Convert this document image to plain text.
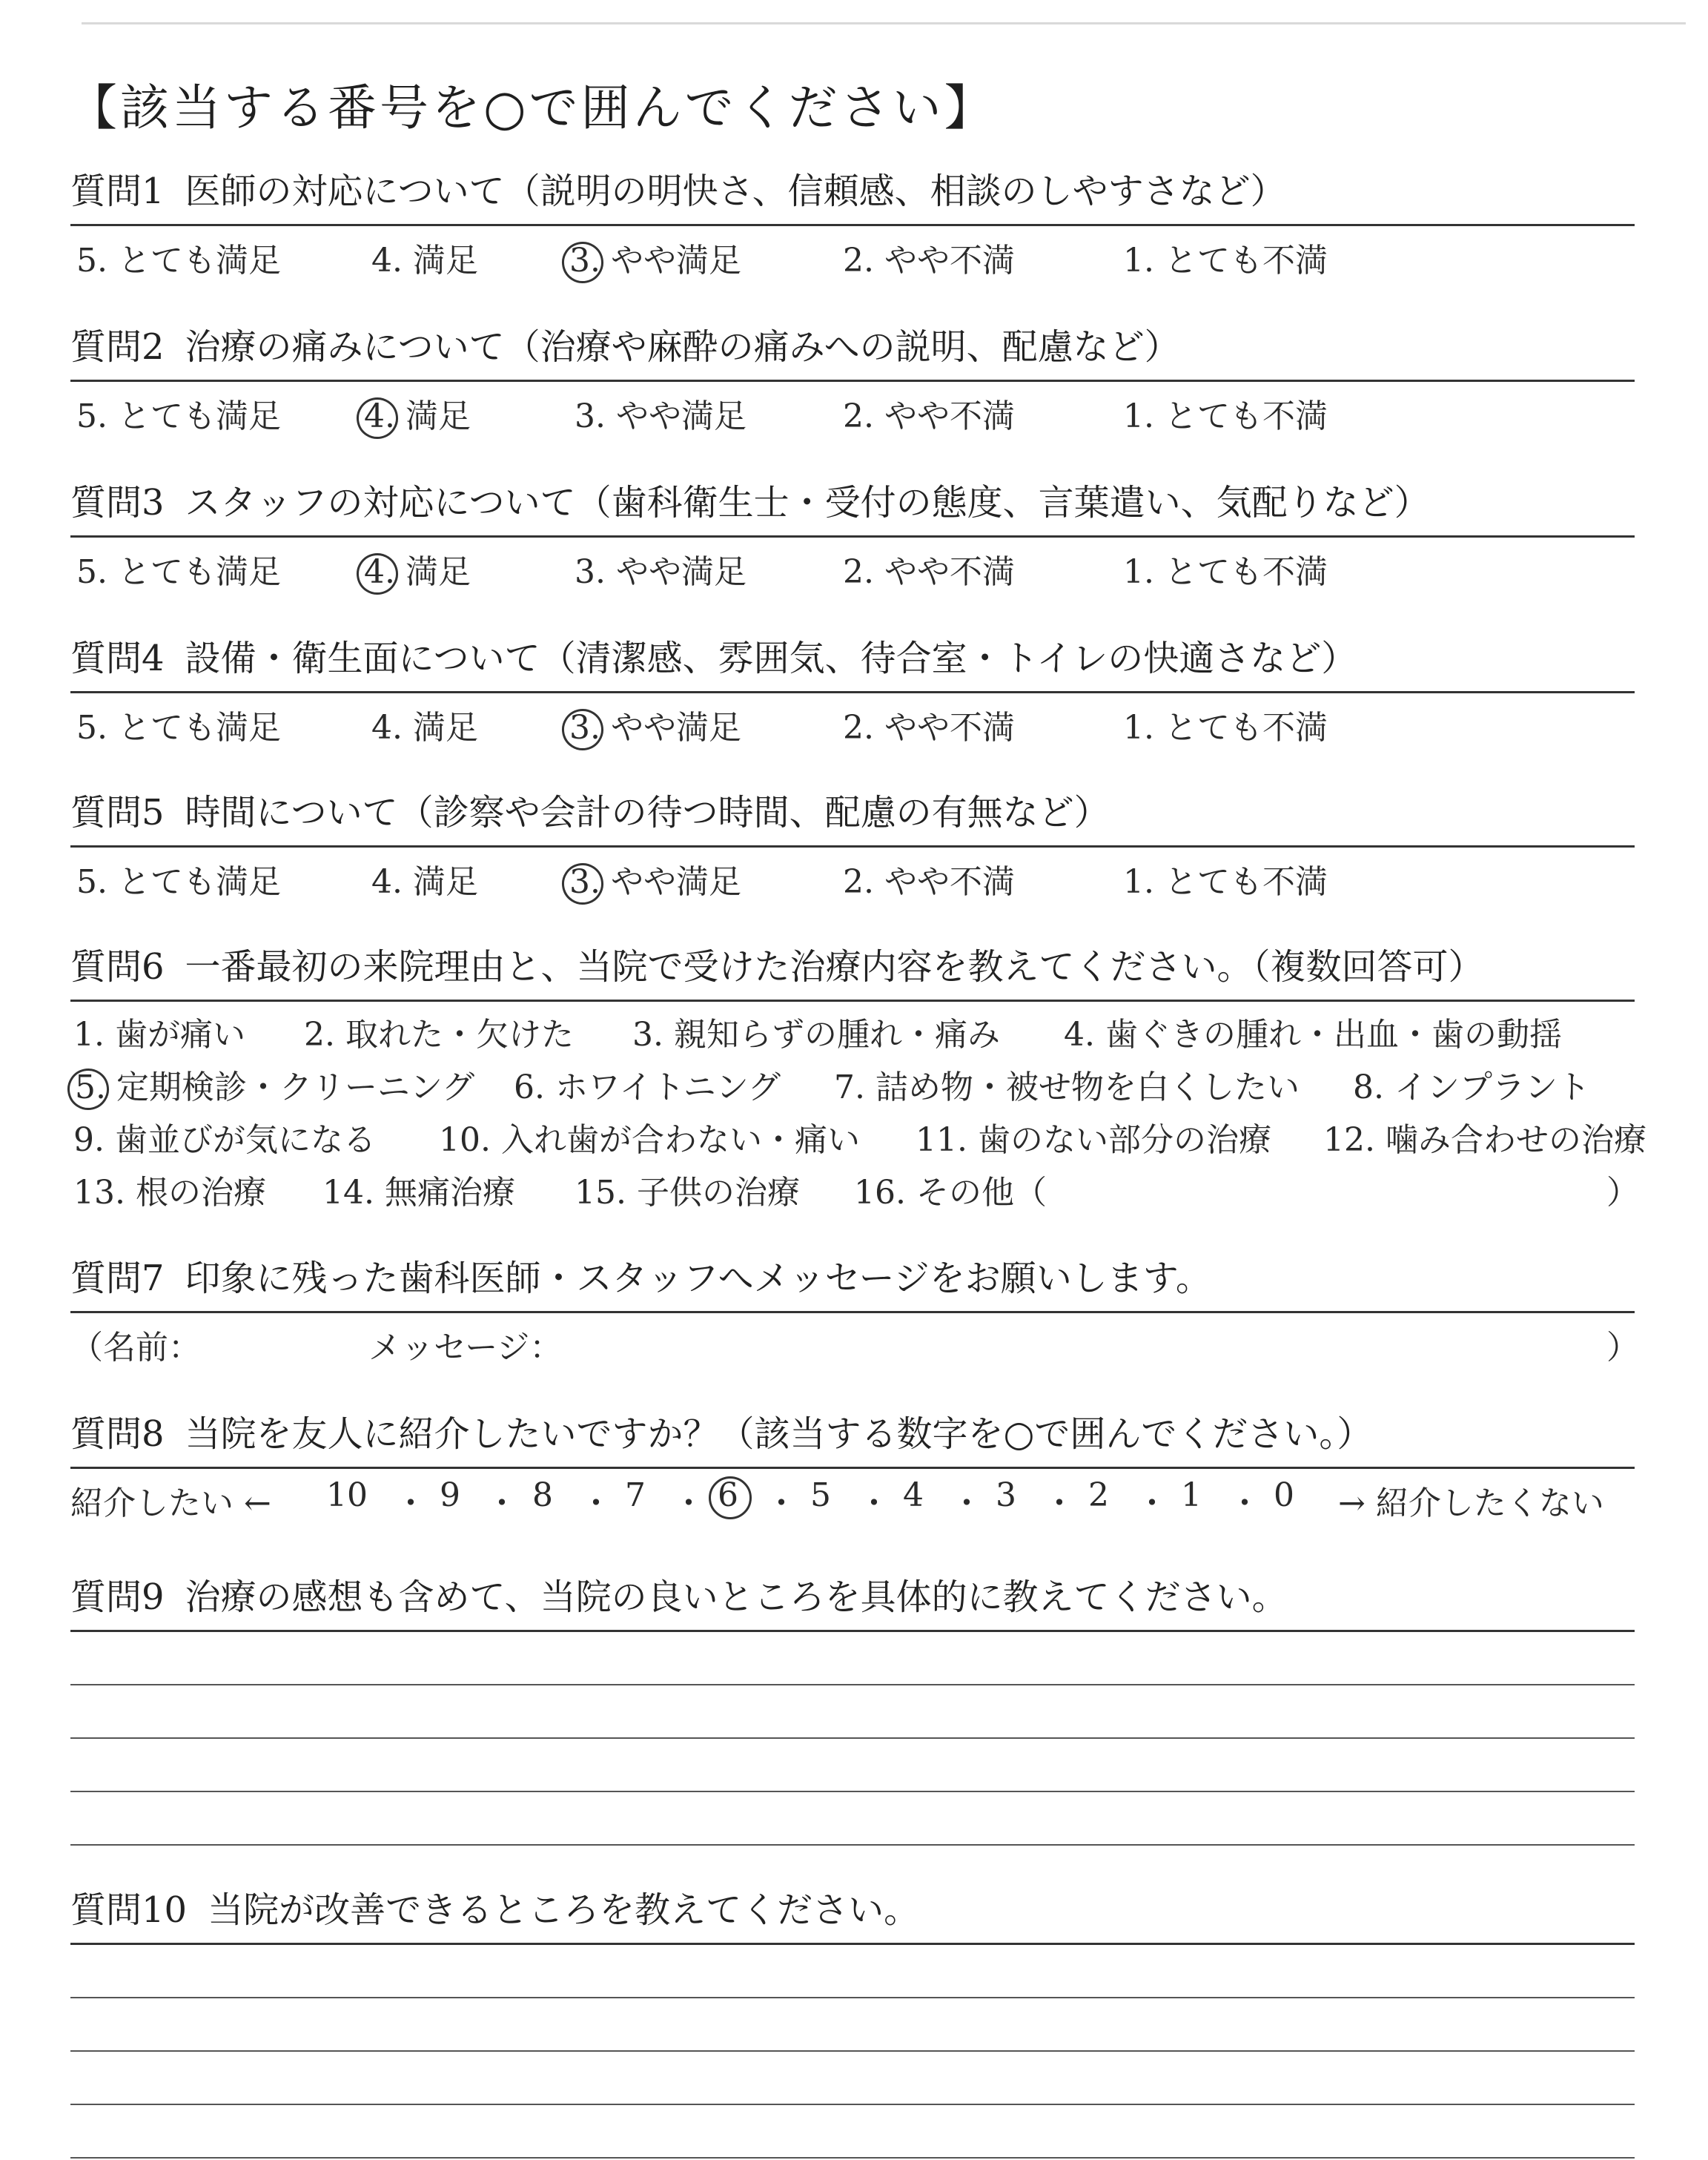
【該当する番号を○で囲んでください】
質問1 医師の対応について（説明の明快さ、信頼感、相談のしやすさなど）
5. とても満足	4. 満足	3. やや満足	2. やや不満	1. とても不満
質問2 治療の痛みについて（治療や麻酔の痛みへの説明、配慮など）
5. とても満足	4. 満足	3. やや満足	2. やや不満	1. とても不満
質問3 スタッフの対応について（歯科衛生士・受付の態度、言葉遣い、気配りなど）
5. とても満足	4. 満足	3. やや満足	2. やや不満	1. とても不満
質問4 設備・衛生面について（清潔感、雰囲気、待合室・トイレの快適さなど）
5. とても満足	4. 満足	3. やや満足	2. やや不満	1. とても不満
質問5 時間について（診察や会計の待つ時間、配慮の有無など）
5. とても満足	4. 満足	3. やや満足	2. やや不満	1. とても不満
質問6 一番最初の来院理由と、当院で受けた治療内容を教えてください。（複数回答可）
1. 歯が痛い 2. 取れた・欠けた 3. 親知らずの腫れ・痛み 4. 歯ぐきの腫れ・出血・歯の動揺
5. 定期検診・クリーニング 6. ホワイトニング 7. 詰め物・被せ物を白くしたい 8. インプラント
9. 歯並びが気になる 10. 入れ歯が合わない・痛い 11. 歯のない部分の治療 12. 噛み合わせの治療
13. 根の治療 14. 無痛治療 15. 子供の治療 16. その他（	）
質問7 印象に残った歯科医師・スタッフへメッセージをお願いします。
（名前：	メッセージ：	）
質問8 当院を友人に紹介したいですか？（該当する数字を○で囲んでください。）
紹介したい ← 10 ・ 9 ・ 8 ・ 7 ・ 6 ・ 5 ・ 4 ・ 3 ・ 2 ・ 1 ・ 0 → 紹介したくない
質問9 治療の感想も含めて、当院の良いところを具体的に教えてください。
質問10 当院が改善できるところを教えてください。
